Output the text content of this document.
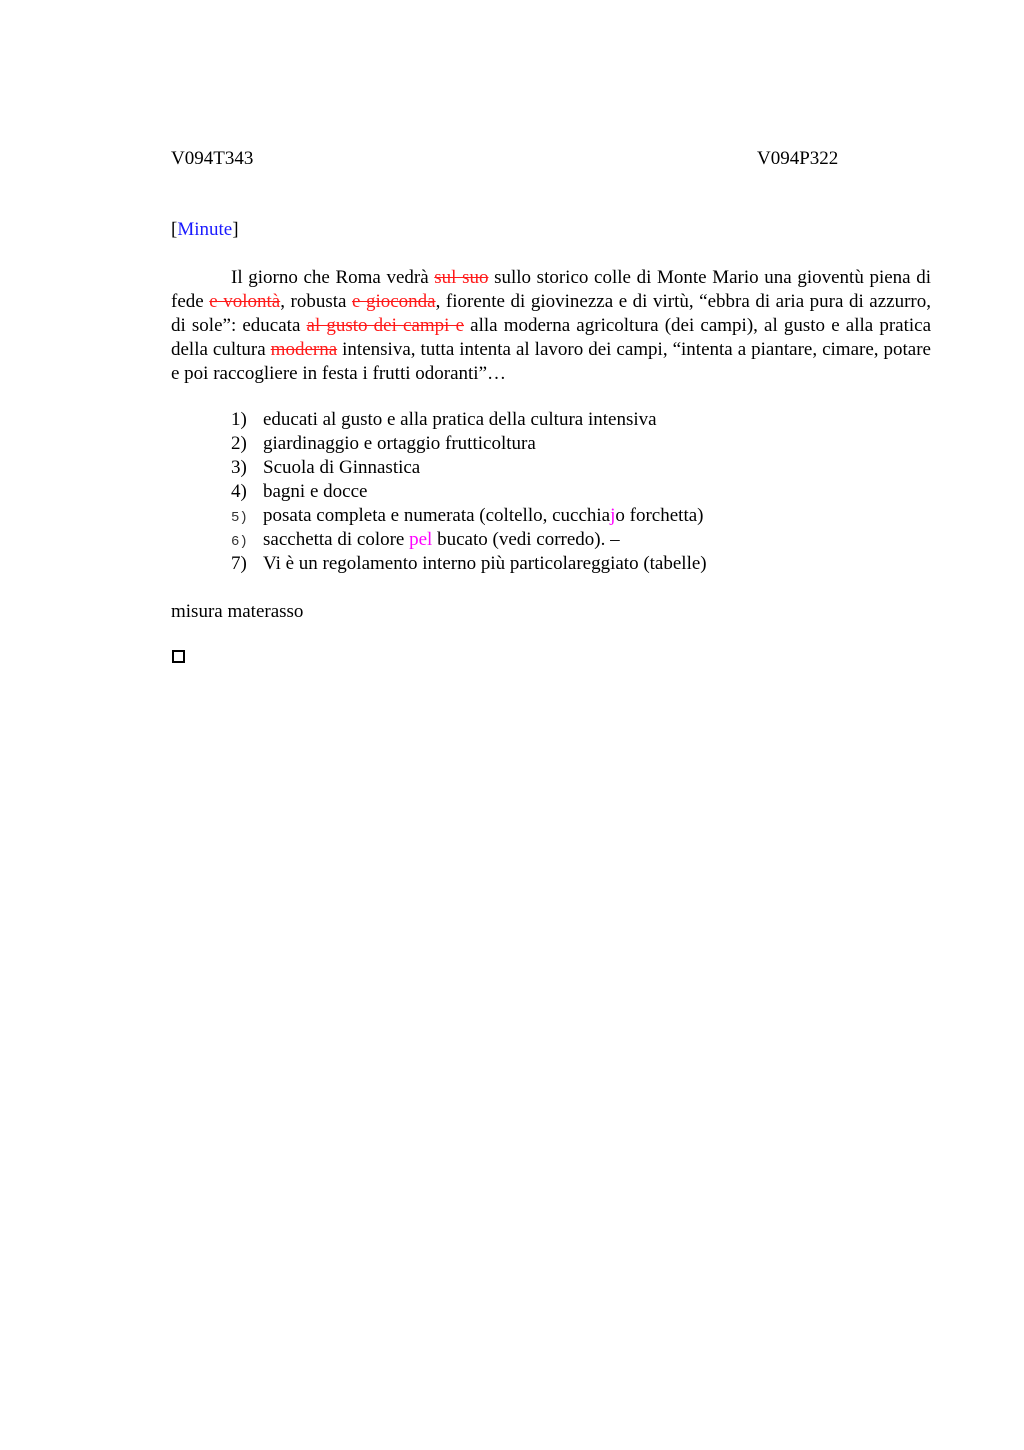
V094T343	V094P322
[Minute]

Il giorno che Roma vedrà sul suo sullo storico colle di Monte Mario una gioventù piena di fede e volontà, robusta e gioconda, fiorente di giovinezza e di virtù, “ebbra di aria pura di azzurro, di sole”: educata al gusto dei campi e alla moderna agricoltura (dei campi), al gusto e alla pratica della cultura moderna intensiva, tutta intenta al lavoro dei campi, “intenta a piantare, cimare, potare e poi raccogliere in festa i frutti odoranti”…

1) educati al gusto e alla pratica della cultura intensiva
2) giardinaggio e ortaggio frutticoltura
3) Scuola di Ginnastica
4) bagni e docce
5) posata completa e numerata (coltello, cucchiajo forchetta)
6) sacchetta di colore pel bucato (vedi corredo). –
7) Vi è un regolamento interno più particolareggiato (tabelle)
misura materasso
